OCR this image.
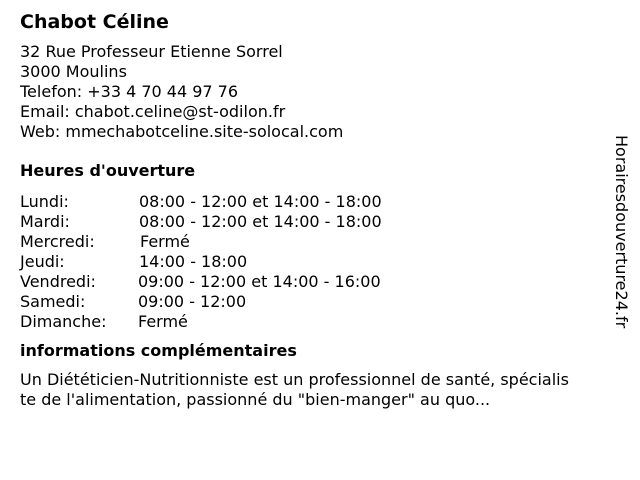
Chabot Céline
32 Rue Professeur Etienne Sorrel
3000 Moulins
Telefon: +33 4 70 44 97 76
Email: chabot.celine@st-odilon.fr
Web: mmechabotceline.site-solocal.com
Heures d'ouverture
Lundi:	08:00 - 12:00 et 14:00 - 18:00
Mardi:	08:00 - 12:00 et 14:00 - 18:00
Mercredi:	Fermé
Jeudi:	14:00 - 18:00
Vendredi:	09:00 - 12:00 et 14:00 - 16:00
Samedi:	09:00 - 12:00
Dimanche: Fermé
informations complémentaires
Un Diététicien-Nutritionniste est un professionnel de santé, spécialis
te de l'alimentation, passionné du "bien-manger" au quo...
Horairesdouverture24.fr
